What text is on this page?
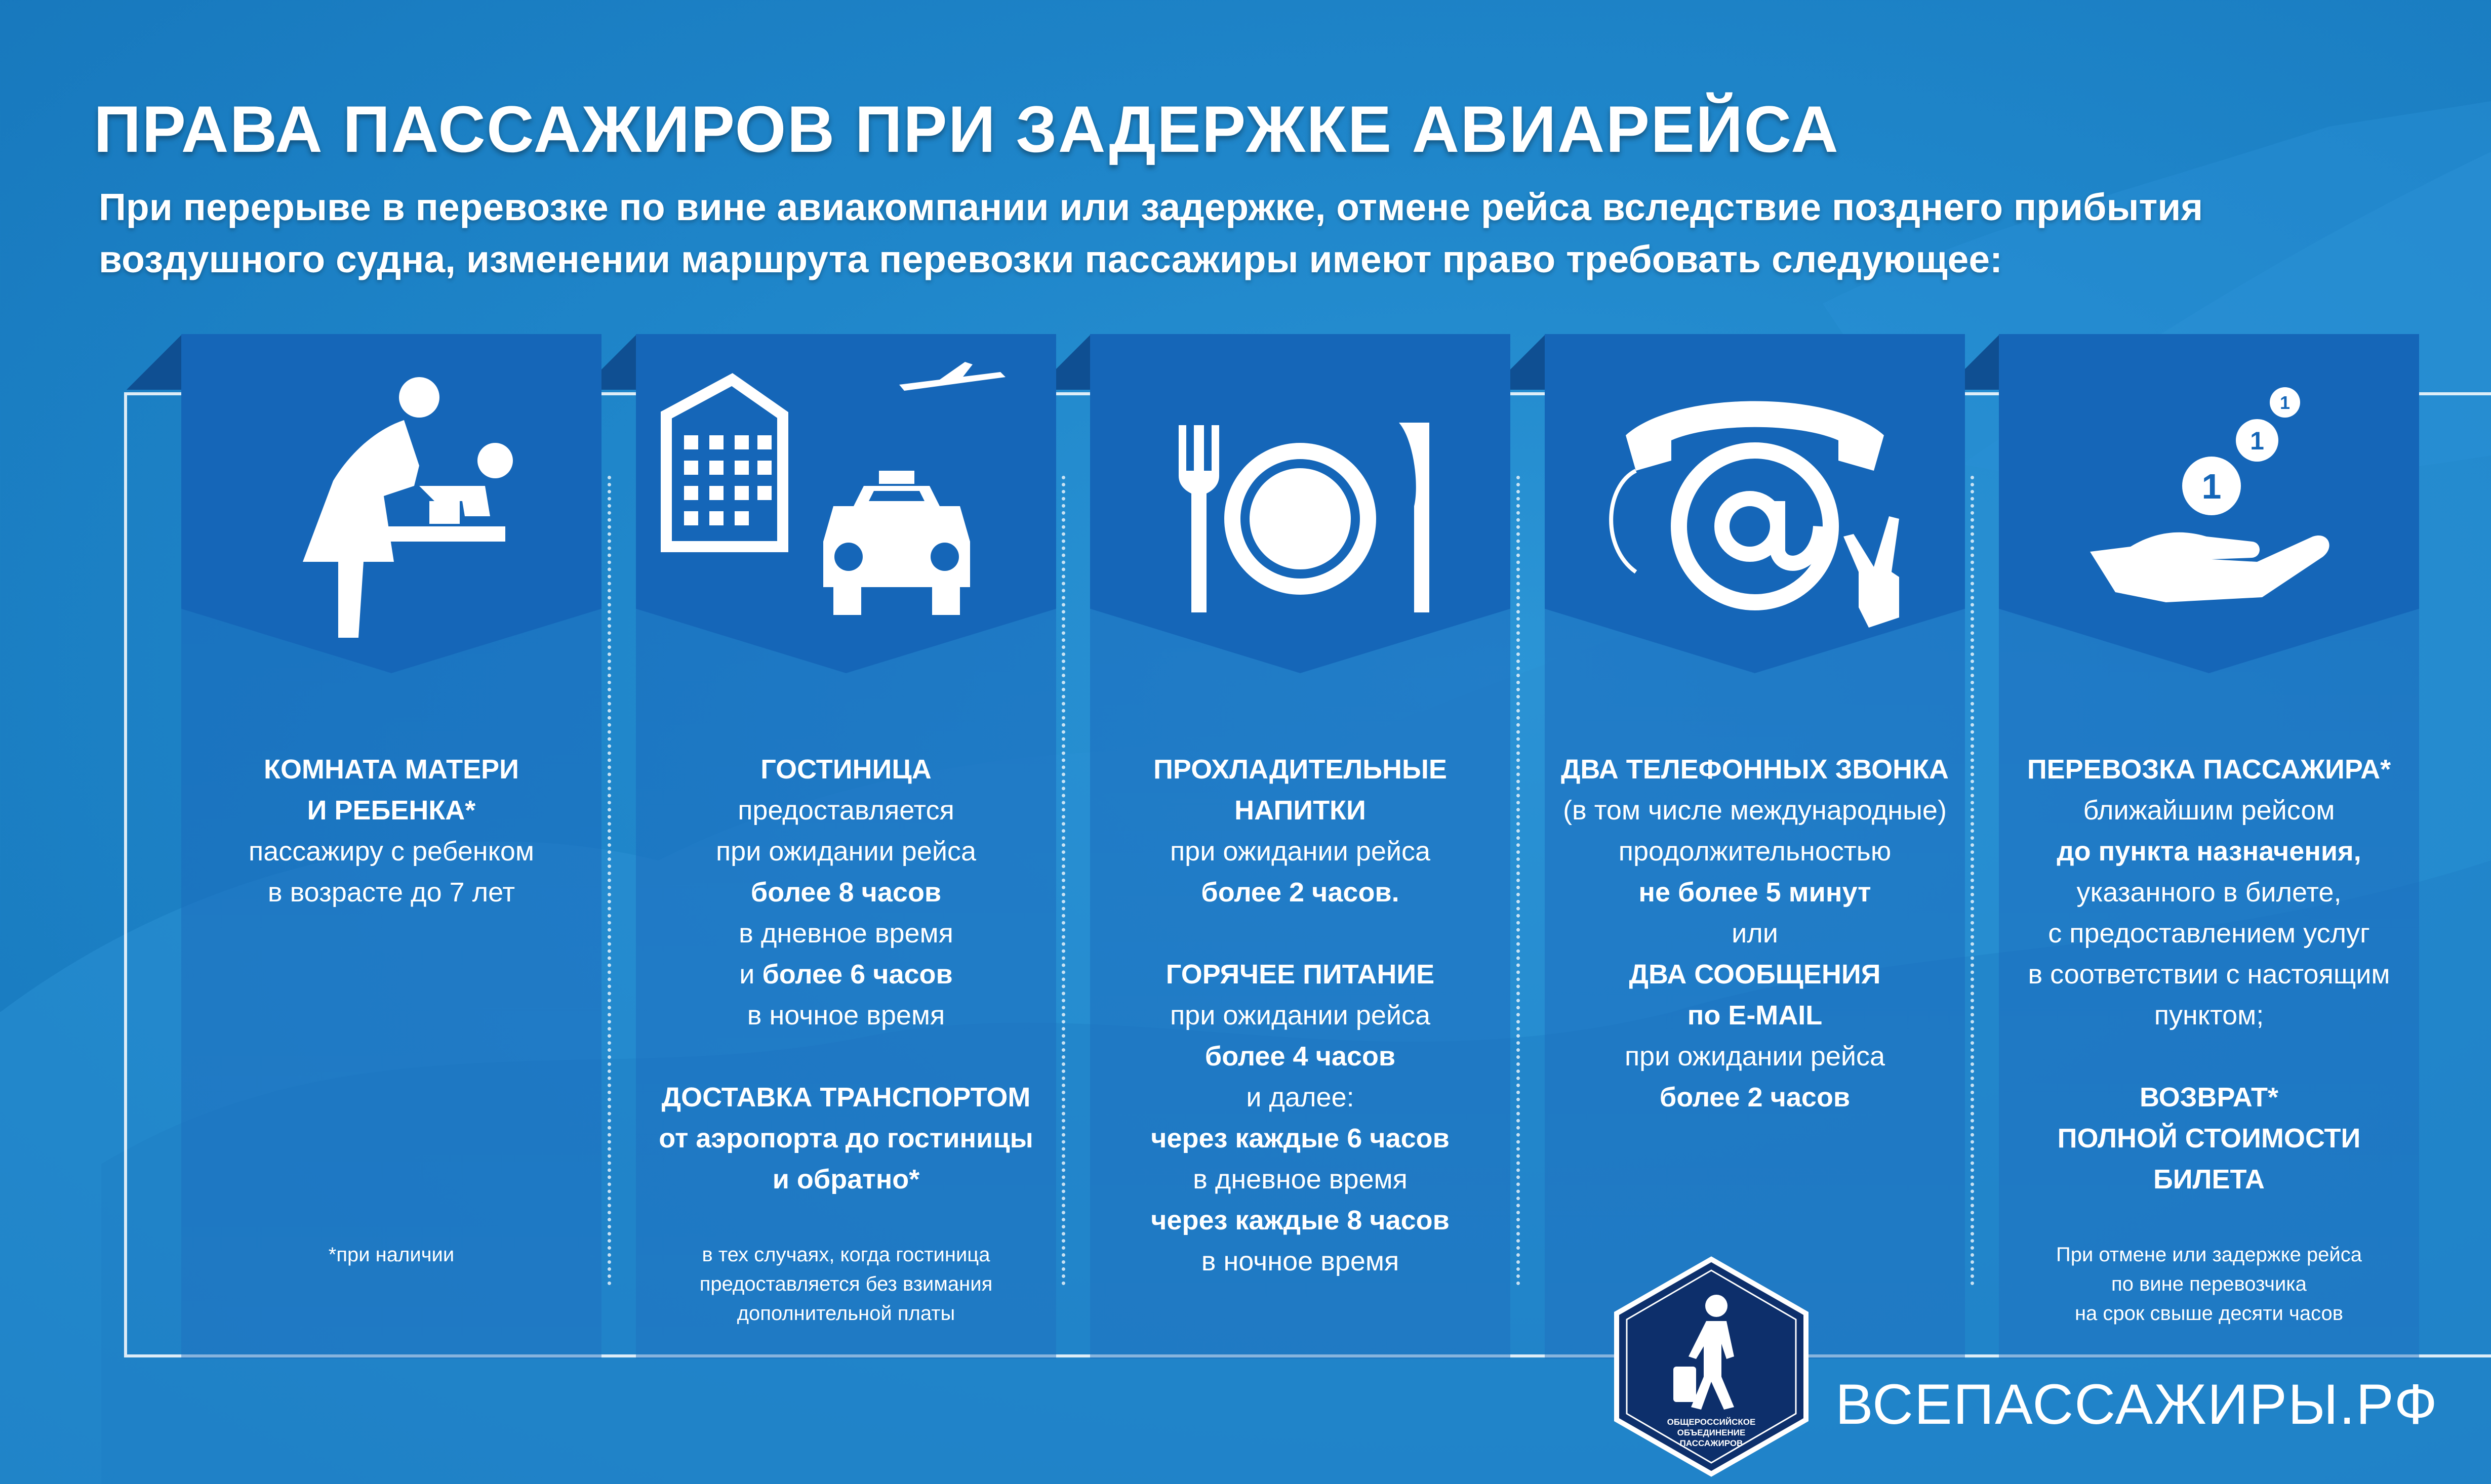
ПРАВА ПАССАЖИРОВ ПРИ ЗАДЕРЖКЕ АВИАРЕЙСА
При перерыве в перевозке по вине авиакомпании или задержке, отмене рейса вследствие позднего прибытия
воздушного судна, изменении маршрута перевозки пассажиры имеют право требовать следующее:
КОМНАТА МАТЕРИ
И РЕБЕНКА*
пассажиру с ребенком
в возрасте до 7 лет
*при наличии
ГОСТИНИЦА
предоставляется
при ожидании рейса
более 8 часов
в дневное время
и более 6 часов
в ночное время
ДОСТАВКА ТРАНСПОРТОМ
от аэропорта до гостиницы
и обратно*
в тех случаях, когда гостиница
предоставляется без взимания
дополнительной платы
ПРОХЛАДИТЕЛЬНЫЕ
НАПИТКИ
при ожидании рейса
более 2 часов.
ГОРЯЧЕЕ ПИТАНИЕ
при ожидании рейса
более 4 часов
и далее:
через каждые 6 часов
в дневное время
через каждые 8 часов
в ночное время
ДВА ТЕЛЕФОННЫХ ЗВОНКА
(в том числе международные)
продолжительностью
не более 5 минут
или
ДВА СООБЩЕНИЯ
по E-MAIL
при ожидании рейса
более 2 часов
1
1
1
ПЕРЕВОЗКА ПАССАЖИРА*
ближайшим рейсом
до пункта назначения,
указанного в билете,
с предоставлением услуг
в соответствии с настоящим
пунктом;
ВОЗВРАТ*
ПОЛНОЙ СТОИМОСТИ
БИЛЕТА
При отмене или задержке рейса
по вине перевозчика
на срок свыше десяти часов
ОБЩЕРОССИЙСКОЕ
ОБЪЕДИНЕНИЕ
ПАССАЖИРОВ
ВСЕПАССАЖИРЫ.РФ
